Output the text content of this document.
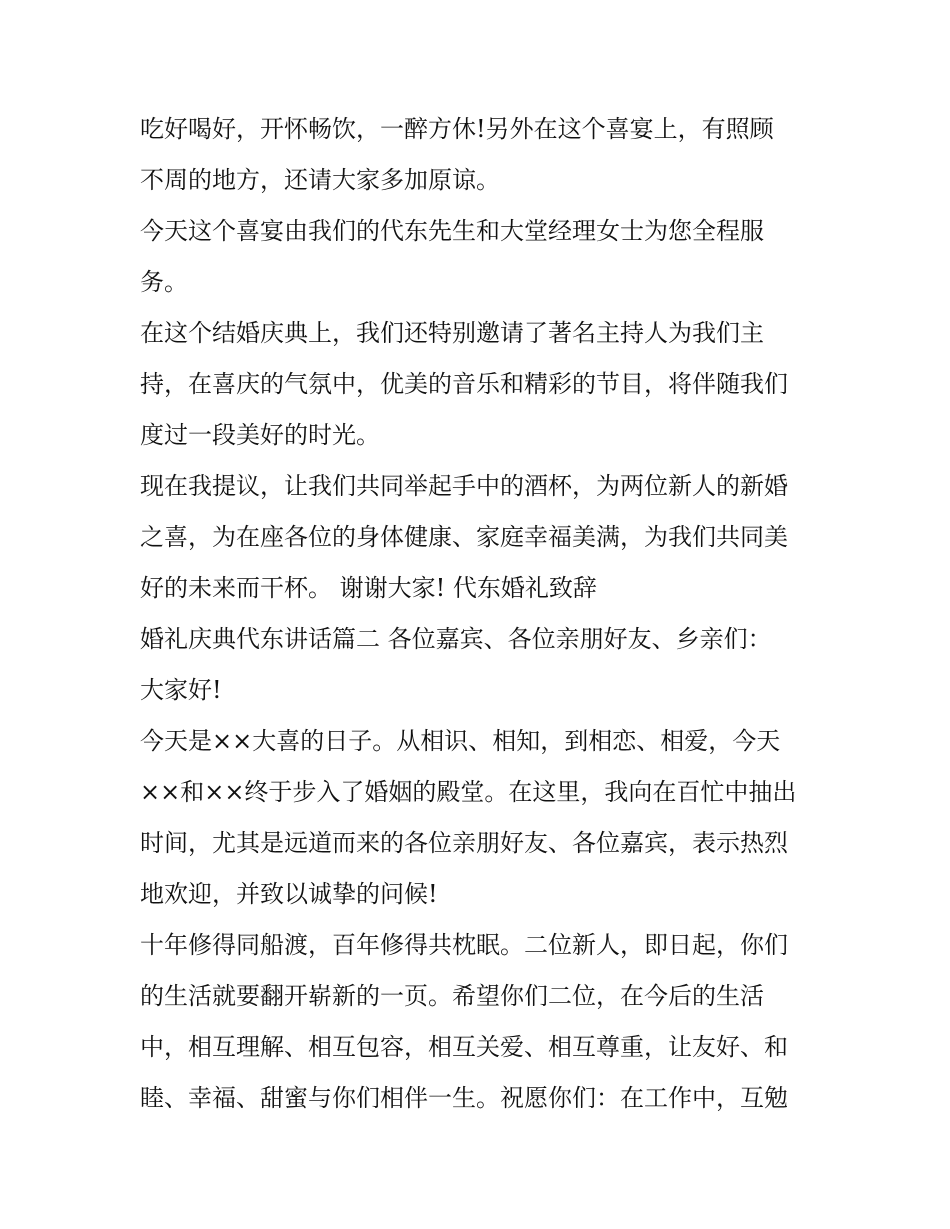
吃好喝好，开怀畅饮，一醉方休!另外在这个喜宴上，有照顾
不周的地方，还请大家多加原谅。
今天这个喜宴由我们的代东先生和大堂经理女士为您全程服
务。
在这个结婚庆典上，我们还特别邀请了著名主持人为我们主
持，在喜庆的气氛中，优美的音乐和精彩的节目，将伴随我们
度过一段美好的时光。
现在我提议，让我们共同举起手中的酒杯，为两位新人的新婚
之喜，为在座各位的身体健康、家庭幸福美满，为我们共同美
好的未来而干杯。 谢谢大家! 代东婚礼致辞
婚礼庆典代东讲话篇二 各位嘉宾、各位亲朋好友、乡亲们：
大家好!
今天是××大喜的日子。从相识、相知，到相恋、相爱，今天
××和××终于步入了婚姻的殿堂。在这里，我向在百忙中抽出
时间，尤其是远道而来的各位亲朋好友、各位嘉宾，表示热烈
地欢迎，并致以诚挚的问候!
十年修得同船渡，百年修得共枕眠。二位新人，即日起，你们
的生活就要翻开崭新的一页。希望你们二位，在今后的生活
中，相互理解、相互包容，相互关爱、相互尊重，让友好、和
睦、幸福、甜蜜与你们相伴一生。祝愿你们：在工作中，互勉
